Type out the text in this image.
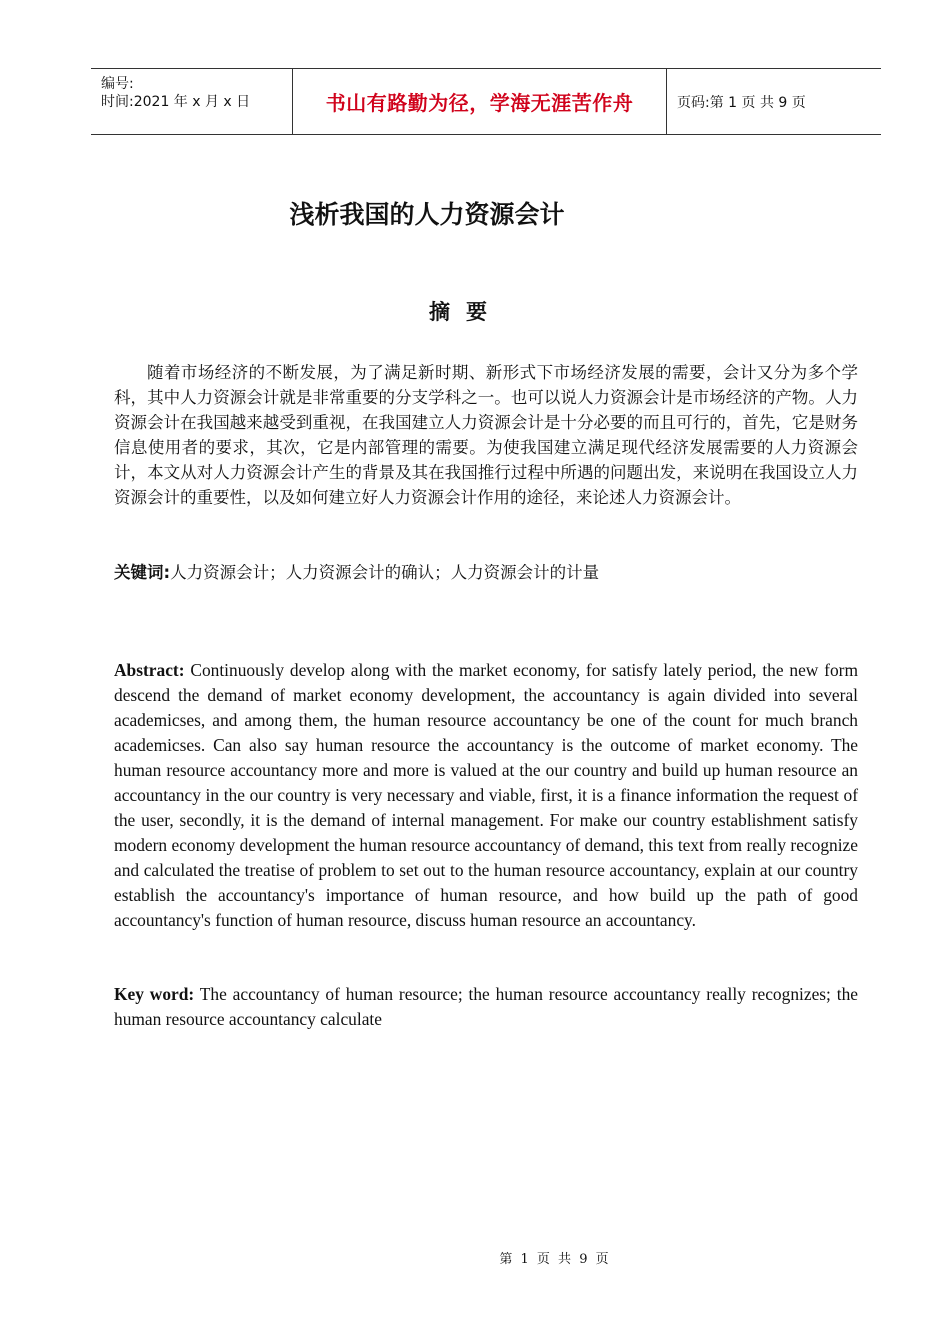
编号:
时间:2021 年 x 月 x 日	书山有路勤为径，学海无涯苦作舟	页码:第 1 页 共 9 页
浅析我国的人力资源会计
摘要
随着市场经济的不断发展，为了满足新时期、新形式下市场经济发展的需要，会计又分为多个学科，其中人力资源会计就是非常重要的分支学科之一。也可以说人力资源会计是市场经济的产物。人力资源会计在我国越来越受到重视，在我国建立人力资源会计是十分必要的而且可行的，首先，它是财务信息使用者的要求，其次，它是内部管理的需要。为使我国建立满足现代经济发展需要的人力资源会计，本文从对人力资源会计产生的背景及其在我国推行过程中所遇的问题出发，来说明在我国设立人力资源会计的重要性，以及如何建立好人力资源会计作用的途径，来论述人力资源会计。
关键词:人力资源会计；人力资源会计的确认；人力资源会计的计量
Abstract: Continuously develop along with the market economy, for satisfy lately period, the new form descend the demand of market economy development, the accountancy is again divided into several academicses, and among them, the human resource accountancy be one of the count for much branch academicses. Can also say human resource the accountancy is the outcome of market economy. The human resource accountancy more and more is valued at the our country and build up human resource an accountancy in the our country is very necessary and viable, first, it is a finance information the request of the user, secondly, it is the demand of internal management. For make our country establishment satisfy modern economy development the human resource accountancy of demand, this text from really recognize and calculated the treatise of problem to set out to the human resource accountancy, explain at our country establish the accountancy's importance of human resource, and how build up the path of good accountancy's function of human resource, discuss human resource an accountancy.
Key word: The accountancy of human resource; the human resource accountancy really recognizes; the human resource accountancy calculate
第 1 页 共 9 页
